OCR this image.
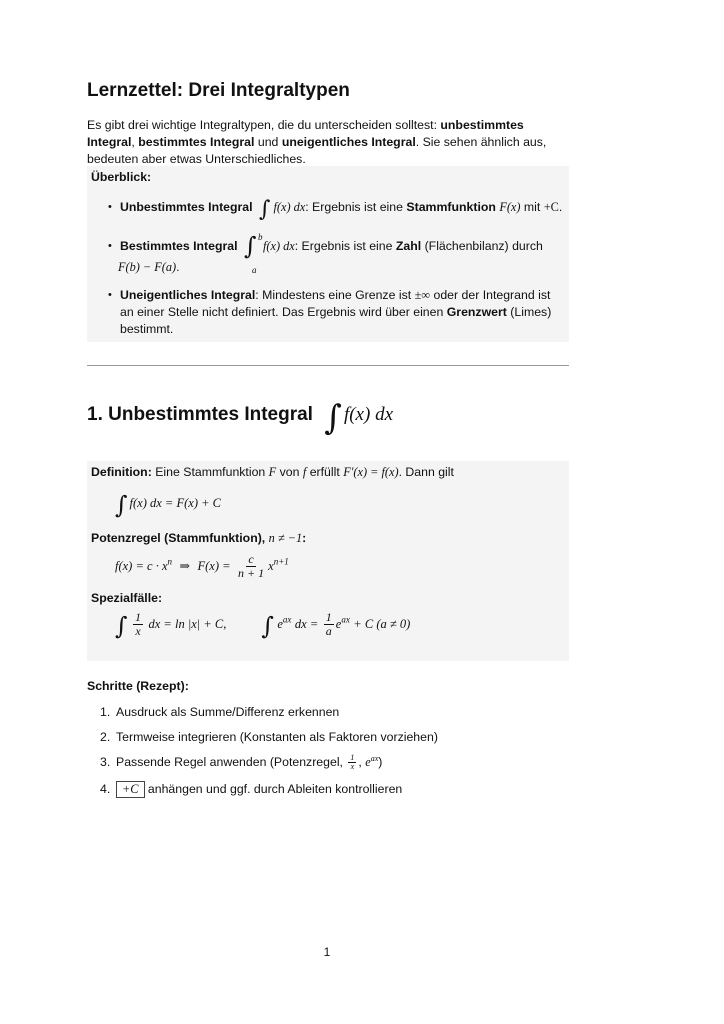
Lernzettel: Drei Integraltypen

Es gibt drei wichtige Integraltypen, die du unterscheiden solltest: unbestimmtes Integral, bestimmtes Integral und uneigentliches Integral. Sie sehen ähnlich aus, bedeuten aber etwas Unterschiedliches.

Überblick:
• Unbestimmtes Integral ∫ f(x) dx: Ergebnis ist eine Stammfunktion F(x) mit +C.
• Bestimmtes Integral ∫ b
a
f(x) dx: Ergebnis ist eine Zahl (Flächenbilanz) durch
F(b) − F(a).
• Uneigentliches Integral: Mindestens eine Grenze ist ±∞ oder der Integrand ist an einer Stelle nicht definiert. Das Ergebnis wird über einen Grenzwert (Limes) bestimmt.
1. Unbestimmtes Integral ∫ f(x) dx
Definition: Eine Stammfunktion F von f erfüllt F′(x) = f(x). Dann gilt
∫ f(x) dx = F(x) + C
Potenzregel (Stammfunktion), n ≠ −1:
$f(x) = c \cdot x^n$ ⇒ $F(x) = \frac{c}{n + 1} x^{n+1}$
Spezialfälle:
∫ $\frac{1}{x}$ dx = ln |x| + C, ∫ $e^{ax}$ dx = $\frac{1}{a} e^{ax} + C$ (a ≠ 0)
Schritte (Rezept):
1. Ausdruck als Summe/Differenz erkennen
2. Termweise integrieren (Konstanten als Faktoren vorziehen)
3. Passende Regel anwenden (Potenzregel, $\frac{1}{x}$ , $e^{ax}$)
4. +C anhängen und ggf. durch Ableiten kontrollieren
1
